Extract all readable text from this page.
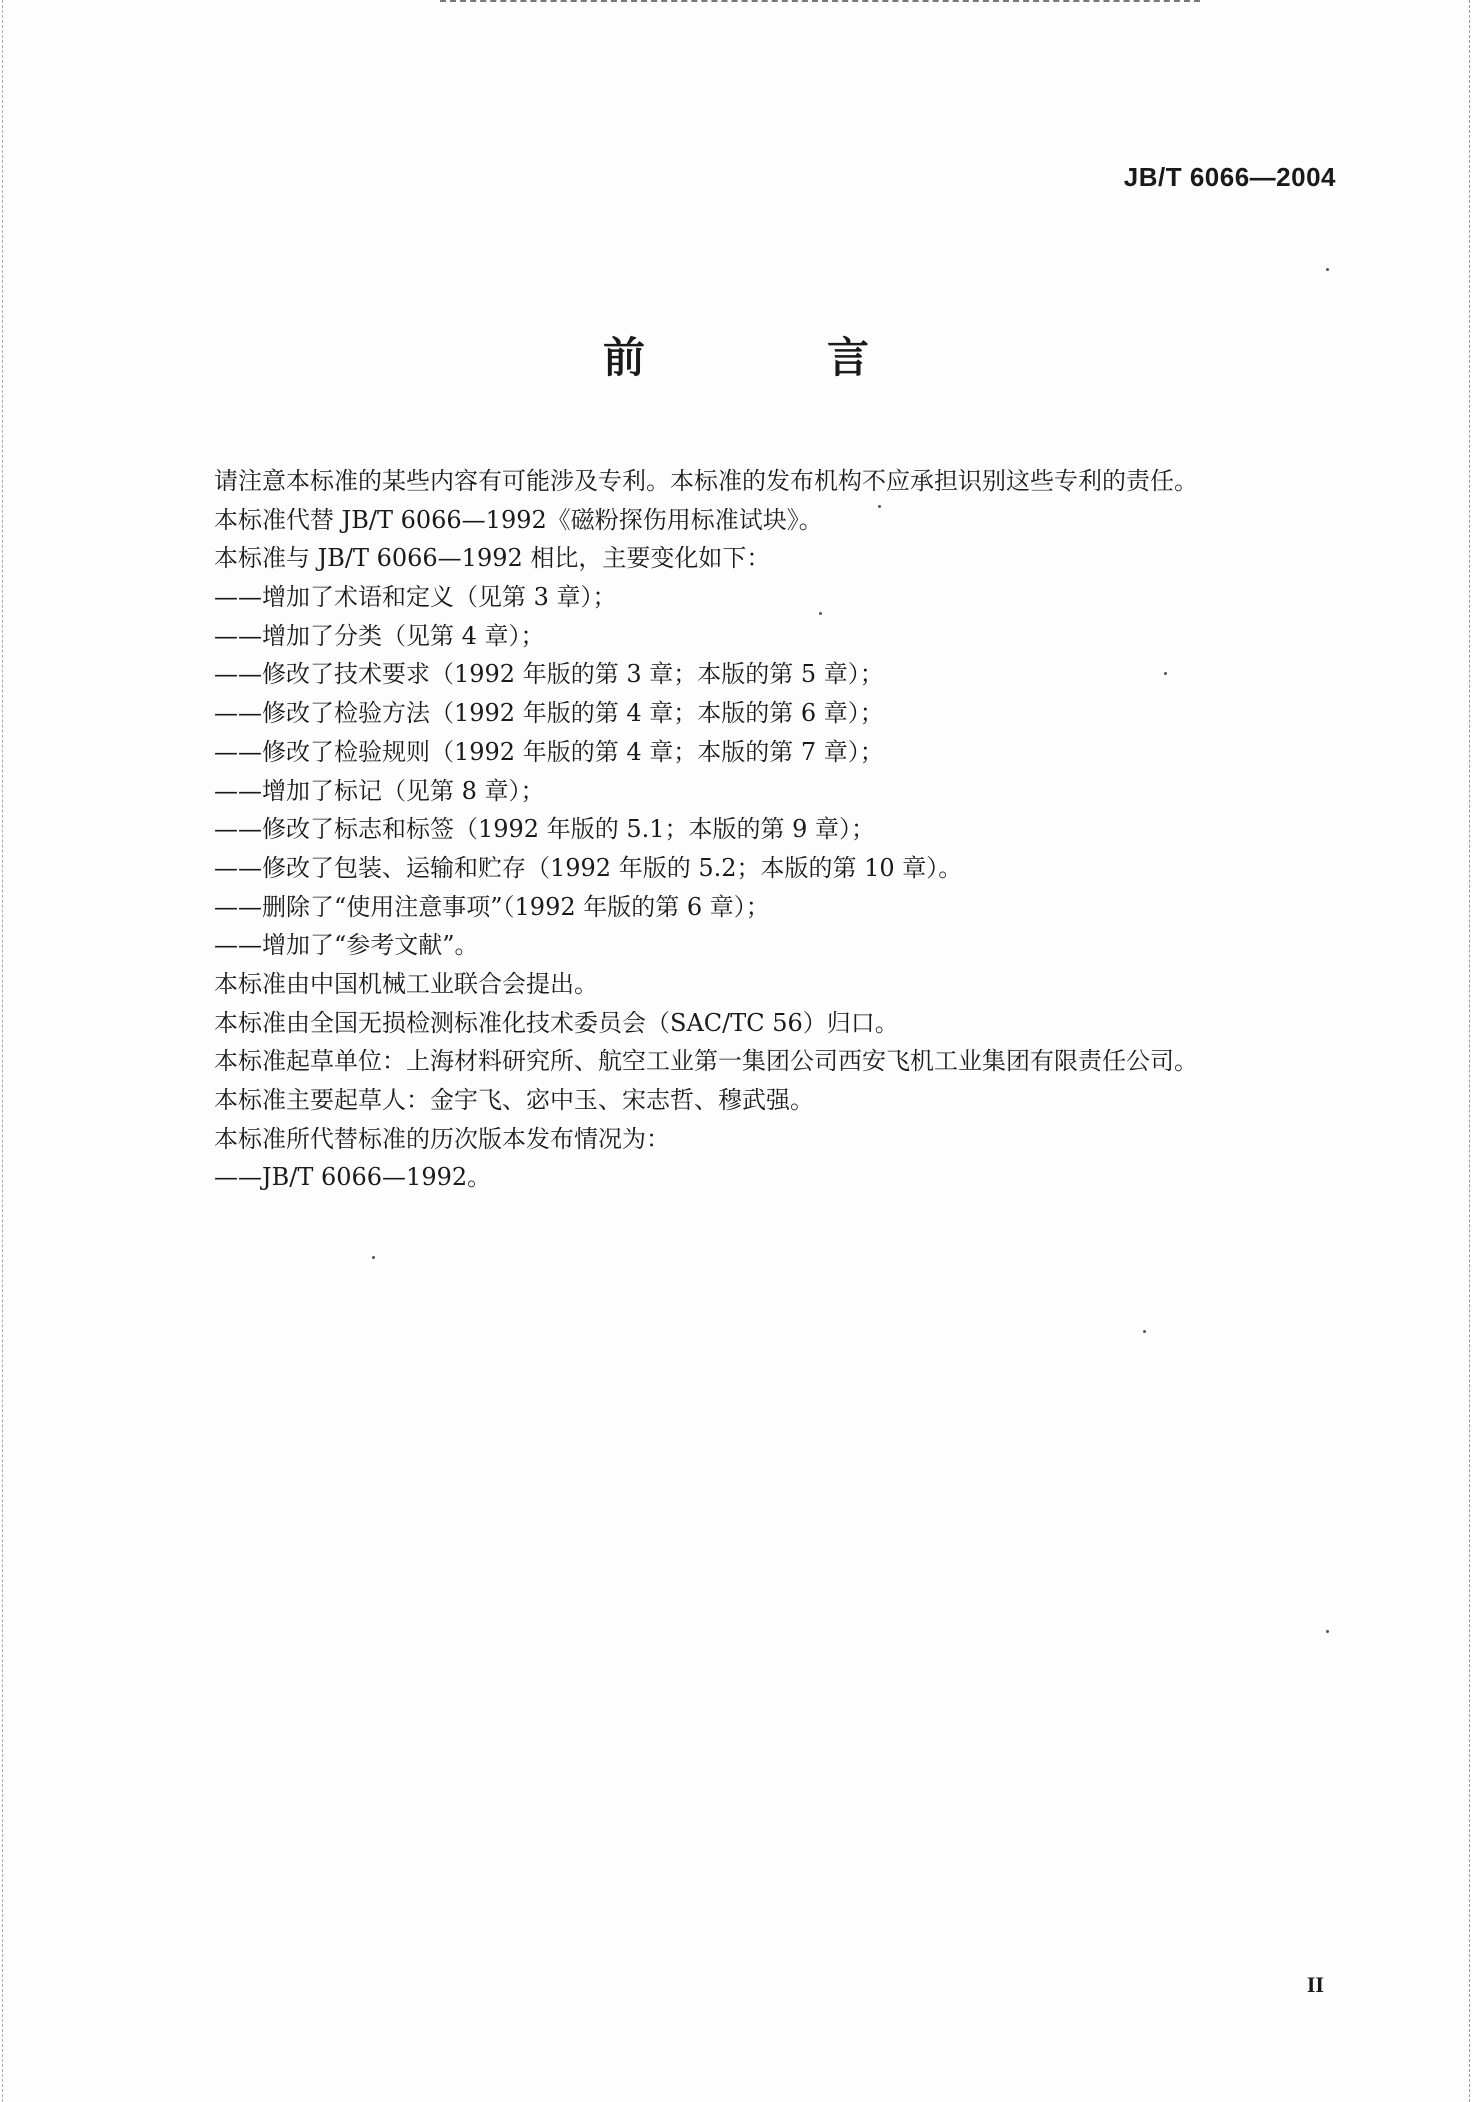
JB/T 6066—2004
前　言
请注意本标准的某些内容有可能涉及专利。本标准的发布机构不应承担识别这些专利的责任。
本标准代替 JB/T 6066—1992《磁粉探伤用标准试块》。
本标准与 JB/T 6066—1992 相比，主要变化如下：
——增加了术语和定义（见第 3 章）；
——增加了分类（见第 4 章）；
——修改了技术要求（1992 年版的第 3 章；本版的第 5 章）；
——修改了检验方法（1992 年版的第 4 章；本版的第 6 章）；
——修改了检验规则（1992 年版的第 4 章；本版的第 7 章）；
——增加了标记（见第 8 章）；
——修改了标志和标签（1992 年版的 5.1；本版的第 9 章）；
——修改了包装、运输和贮存（1992 年版的 5.2；本版的第 10 章）。
——删除了“使用注意事项”（1992 年版的第 6 章）；
——增加了“参考文献”。
本标准由中国机械工业联合会提出。
本标准由全国无损检测标准化技术委员会（SAC/TC 56）归口。
本标准起草单位：上海材料研究所、航空工业第一集团公司西安飞机工业集团有限责任公司。
本标准主要起草人：金宇飞、宓中玉、宋志哲、穆武强。
本标准所代替标准的历次版本发布情况为：
——JB/T 6066—1992。
II
